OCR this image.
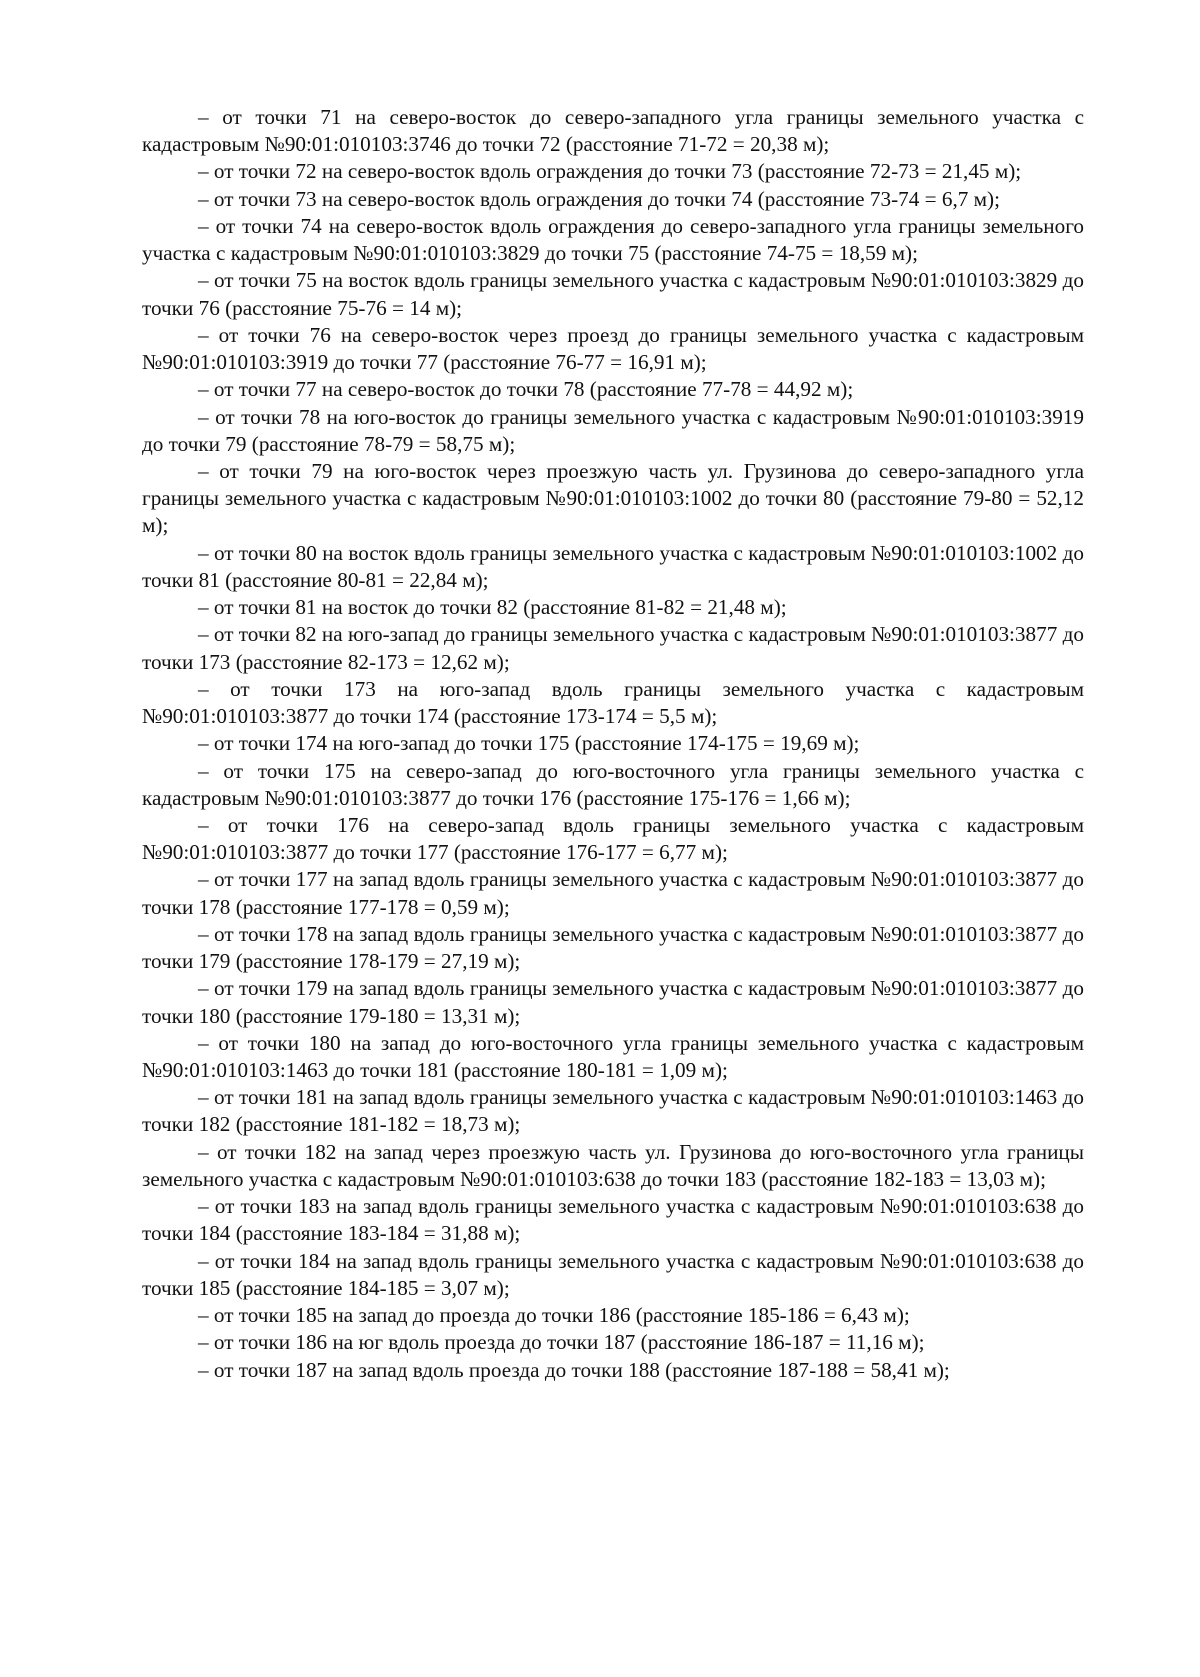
– от точки 71 на северо-восток до северо-западного угла границы земельного участка с кадастровым №90:01:010103:3746 до точки 72 (расстояние 71-72 = 20,38 м);

– от точки 72 на северо-восток вдоль ограждения до точки 73 (расстояние 72-73 = 21,45 м);

– от точки 73 на северо-восток вдоль ограждения до точки 74 (расстояние 73-74 = 6,7 м);

– от точки 74 на северо-восток вдоль ограждения до северо-западного угла границы земельного участка с кадастровым №90:01:010103:3829 до точки 75 (расстояние 74-75 = 18,59 м);

– от точки 75 на восток вдоль границы земельного участка с кадастровым №90:01:010103:3829 до точки 76 (расстояние 75-76 = 14 м);

– от точки 76 на северо-восток через проезд до границы земельного участка с кадастровым №90:01:010103:3919 до точки 77 (расстояние 76-77 = 16,91 м);

– от точки 77 на северо-восток до точки 78 (расстояние 77-78 = 44,92 м);

– от точки 78 на юго-восток до границы земельного участка с кадастровым №90:01:010103:3919 до точки 79 (расстояние 78-79 = 58,75 м);

– от точки 79 на юго-восток через проезжую часть ул. Грузинова до северо-западного угла границы земельного участка с кадастровым №90:01:010103:1002 до точки 80 (расстояние 79-80 = 52,12 м);

– от точки 80 на восток вдоль границы земельного участка с кадастровым №90:01:010103:1002 до точки 81 (расстояние 80-81 = 22,84 м);

– от точки 81 на восток до точки 82 (расстояние 81-82 = 21,48 м);

– от точки 82 на юго-запад до границы земельного участка с кадастровым №90:01:010103:3877 до точки 173 (расстояние 82-173 = 12,62 м);

– от точки 173 на юго-запад вдоль границы земельного участка с кадастровым №90:01:010103:3877 до точки 174 (расстояние 173-174 = 5,5 м);

– от точки 174 на юго-запад до точки 175 (расстояние 174-175 = 19,69 м);

– от точки 175 на северо-запад до юго-восточного угла границы земельного участка с кадастровым №90:01:010103:3877 до точки 176 (расстояние 175-176 = 1,66 м);

– от точки 176 на северо-запад вдоль границы земельного участка с кадастровым №90:01:010103:3877 до точки 177 (расстояние 176-177 = 6,77 м);

– от точки 177 на запад вдоль границы земельного участка с кадастровым №90:01:010103:3877 до точки 178 (расстояние 177-178 = 0,59 м);

– от точки 178 на запад вдоль границы земельного участка с кадастровым №90:01:010103:3877 до точки 179 (расстояние 178-179 = 27,19 м);

– от точки 179 на запад вдоль границы земельного участка с кадастровым №90:01:010103:3877 до точки 180 (расстояние 179-180 = 13,31 м);

– от точки 180 на запад до юго-восточного угла границы земельного участка с кадастровым №90:01:010103:1463 до точки 181 (расстояние 180-181 = 1,09 м);

– от точки 181 на запад вдоль границы земельного участка с кадастровым №90:01:010103:1463 до точки 182 (расстояние 181-182 = 18,73 м);

– от точки 182 на запад через проезжую часть ул. Грузинова до юго-восточного угла границы земельного участка с кадастровым №90:01:010103:638 до точки 183 (расстояние 182-183 = 13,03 м);

– от точки 183 на запад вдоль границы земельного участка с кадастровым №90:01:010103:638 до точки 184 (расстояние 183-184 = 31,88 м);

– от точки 184 на запад вдоль границы земельного участка с кадастровым №90:01:010103:638 до точки 185 (расстояние 184-185 = 3,07 м);

– от точки 185 на запад до проезда до точки 186 (расстояние 185-186 = 6,43 м);

– от точки 186 на юг вдоль проезда до точки 187 (расстояние 186-187 = 11,16 м);

– от точки 187 на запад вдоль проезда до точки 188 (расстояние 187-188 = 58,41 м);
